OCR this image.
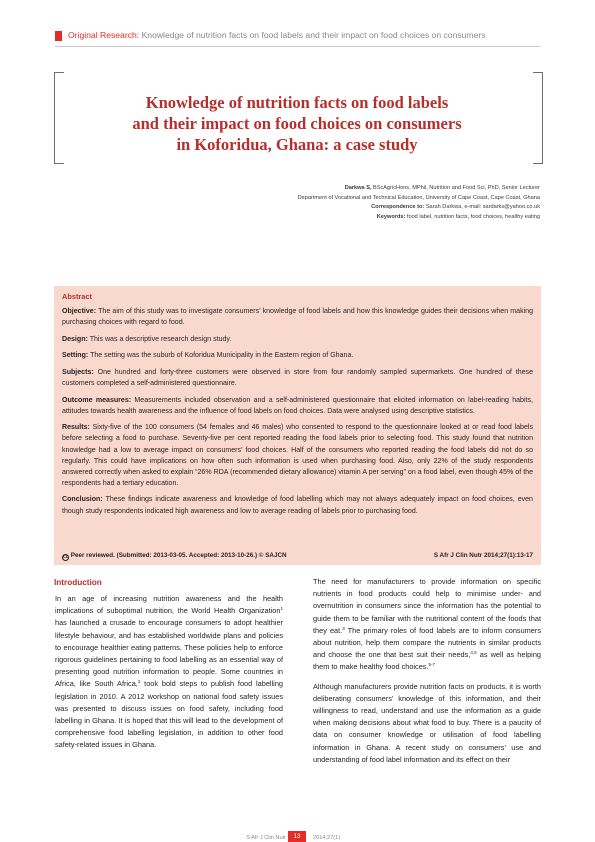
Original Research: Knowledge of nutrition facts on food labels and their impact on food choices on consumers
Knowledge of nutrition facts on food labels
and their impact on food choices on consumers
in Koforidua, Ghana: a case study
Darkwa S, BScAgricHons, MPhil, Nutrition and Food Sci, PhD, Senior Lecturer
Department of Vocational and Technical Education, University of Cape Coast, Cape Coast, Ghana
Correspondence to: Sarah Darkwa, e-mail: sardarks@yahoo.co.uk
Keywords: food label, nutrition facts, food choices, healthy eating
Abstract

Objective: The aim of this study was to investigate consumers’ knowledge of food labels and how this knowledge guides their decisions when making purchasing choices with regard to food.

Design: This was a descriptive research design study.

Setting: The setting was the suburb of Koforidua Municipality in the Eastern region of Ghana.

Subjects: One hundred and forty-three customers were observed in store from four randomly sampled supermarkets. One hundred of these customers completed a self-administered questionnaire.

Outcome measures: Measurements included observation and a self-administered questionnaire that elicited information on label-reading habits, attitudes towards health awareness and the influence of food labels on food choices. Data were analysed using descriptive statistics.

Results: Sixty-five of the 100 consumers (54 females and 46 males) who consented to respond to the questionnaire looked at or read food labels before selecting a food to purchase. Seventy-five per cent reported reading the food labels prior to selecting food. This study found that nutrition knowledge had a low to average impact on consumers’ food choices. Half of the consumers who reported reading the food labels did not do so regularly. This could have implications on how often such information is used when purchasing food. Also, only 22% of the study respondents answered correctly when asked to explain “26% RDA (recommended dietary allowance) vitamin A per serving” on a food label, even though 45% of the respondents had a tertiary education.

Conclusion: These findings indicate awareness and knowledge of food labelling which may not always adequately impact on food choices, even though study respondents indicated high awareness and low to average reading of labels prior to purchasing food.

cc Peer reviewed. (Submitted: 2013-03-05. Accepted: 2013-10-26.) © SAJCN	S Afr J Clin Nutr 2014;27(1):13-17
Introduction

In an age of increasing nutrition awareness and the health implications of suboptimal nutrition, the World Health Organization$^1$ has launched a crusade to encourage consumers to adopt healthier lifestyle behaviour, and has established worldwide plans and policies to encourage healthier eating patterns. These policies help to enforce rigorous guidelines pertaining to food labelling as an essential way of presenting good nutrition information to people. Some countries in Africa, like South Africa,$^2$ took bold steps to publish food labelling legislation in 2010. A 2012 workshop on national food safety issues was presented to discuss issues on food safety, including food labelling in Ghana. It is hoped that this will lead to the development of comprehensive food labelling legislation, in addition to other food safety-related issues in Ghana.

The need for manufacturers to provide information on specific nutrients in food products could help to minimise under- and overnutrition in consumers since the information has the potential to guide them to be familiar with the nutritional content of the foods that they eat.$^3$ The primary roles of food labels are to inform consumers about nutrition, help them compare the nutrients in similar products and choose the one that best suit their needs,$^{4,5}$ as well as helping them to make healthy food choices.$^{5-7}$

Although manufacturers provide nutrition facts on products, it is worth deliberating consumers’ knowledge of this information, and their willingness to read, understand and use the information as a guide when making decisions about what food to buy. There is a paucity of data on consumer knowledge or utilisation of food labelling information in Ghana. A recent study on consumers’ use and understanding of food label information and its effect on their

S Afr J Clin Nutr	13	2014;27(1)
